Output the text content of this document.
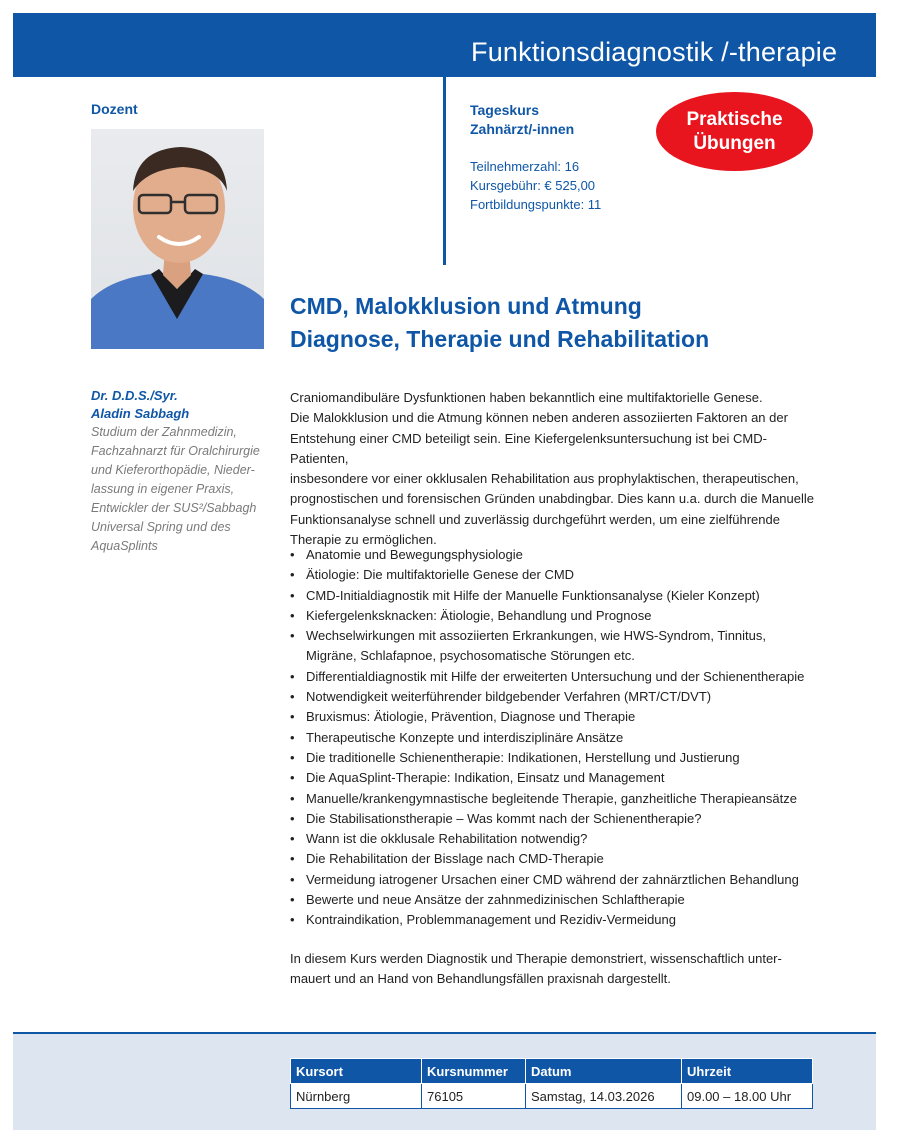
Funktionsdiagnostik /-therapie
Dozent	Tageskurs
Zahnärzt/-innen
Teilnehmerzahl: 16
Kursgebühr: € 525,00
Fortbildungspunkte: 11
Praktische
Übungen
CMD, Malokklusion und Atmung
Diagnose, Therapie und Rehabilitation
Dr. D.D.S./Syr.
Aladin Sabbagh
Studium der Zahnmedizin,
Fachzahnarzt für Oralchirurgie
und Kieferorthopädie, Nieder-
lassung in eigener Praxis,
Entwickler der SUS²/Sabbagh
Universal Spring und des
AquaSplints
Craniomandibuläre Dysfunktionen haben bekanntlich eine multifaktorielle Genese.
Die Malokklusion und die Atmung können neben anderen assoziierten Faktoren an der
Entstehung einer CMD beteiligt sein. Eine Kiefergelenksuntersuchung ist bei CMD-Patienten,
insbesondere vor einer okklusalen Rehabilitation aus prophylaktischen, therapeutischen,
prognostischen und forensischen Gründen unabdingbar. Dies kann u.a. durch die Manuelle
Funktionsanalyse schnell und zuverlässig durchgeführt werden, um eine zielführende
Therapie zu ermöglichen.
• Anatomie und Bewegungsphysiologie
• Ätiologie: Die multifaktorielle Genese der CMD
• CMD-Initialdiagnostik mit Hilfe der Manuelle Funktionsanalyse (Kieler Konzept)
• Kiefergelenksknacken: Ätiologie, Behandlung und Prognose
• Wechselwirkungen mit assoziierten Erkrankungen, wie HWS-Syndrom, Tinnitus,
Migräne, Schlafapnoe, psychosomatische Störungen etc.
• Differentialdiagnostik mit Hilfe der erweiterten Untersuchung und der Schienentherapie
• Notwendigkeit weiterführender bildgebender Verfahren (MRT/CT/DVT)
• Bruxismus: Ätiologie, Prävention, Diagnose und Therapie
• Therapeutische Konzepte und interdisziplinäre Ansätze
• Die traditionelle Schienentherapie: Indikationen, Herstellung und Justierung
• Die AquaSplint-Therapie: Indikation, Einsatz und Management
• Manuelle/krankengymnastische begleitende Therapie, ganzheitliche Therapieansätze
• Die Stabilisationstherapie – Was kommt nach der Schienentherapie?
• Wann ist die okklusale Rehabilitation notwendig?
• Die Rehabilitation der Bisslage nach CMD-Therapie
• Vermeidung iatrogener Ursachen einer CMD während der zahnärztlichen Behandlung
• Bewerte und neue Ansätze der zahnmedizinischen Schlaftherapie
• Kontraindikation, Problemmanagement und Rezidiv-Vermeidung
In diesem Kurs werden Diagnostik und Therapie demonstriert, wissenschaftlich unter-
mauert und an Hand von Behandlungsfällen praxisnah dargestellt.
Kursort	Kursnummer	Datum	Uhrzeit
Nürnberg	76105	Samstag, 14.03.2026	09.00 – 18.00 Uhr
